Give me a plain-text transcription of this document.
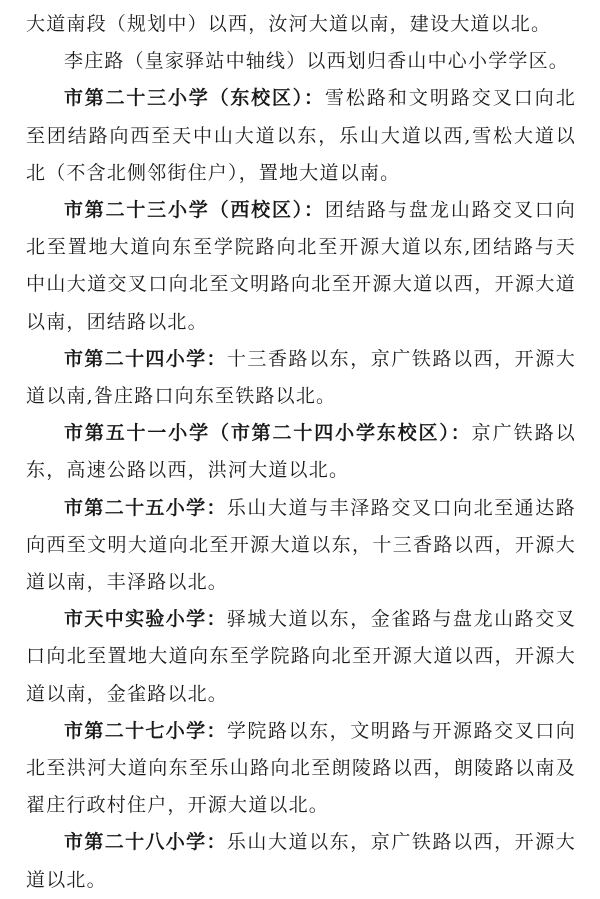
大道南段（规划中）以西，汝河大道以南，建设大道以北。

李庄路（皇家驿站中轴线）以西划归香山中心小学学区。

市第二十三小学（东校区）：雪松路和文明路交叉口向北至团结路向西至天中山大道以东，乐山大道以西,雪松大道以北（不含北侧邻街住户），置地大道以南。

市第二十三小学（西校区）：团结路与盘龙山路交叉口向北至置地大道向东至学院路向北至开源大道以东,团结路与天中山大道交叉口向北至文明路向北至开源大道以西，开源大道以南，团结路以北。

市第二十四小学：十三香路以东，京广铁路以西，开源大道以南,昝庄路口向东至铁路以北。

市第五十一小学（市第二十四小学东校区）：京广铁路以东，高速公路以西，洪河大道以北。

市第二十五小学：乐山大道与丰泽路交叉口向北至通达路向西至文明大道向北至开源大道以东，十三香路以西，开源大道以南，丰泽路以北。

市天中实验小学：驿城大道以东，金雀路与盘龙山路交叉口向北至置地大道向东至学院路向北至开源大道以西，开源大道以南，金雀路以北。

市第二十七小学：学院路以东，文明路与开源路交叉口向北至洪河大道向东至乐山路向北至朗陵路以西，朗陵路以南及翟庄行政村住户，开源大道以北。

市第二十八小学：乐山大道以东，京广铁路以西，开源大道以北。
